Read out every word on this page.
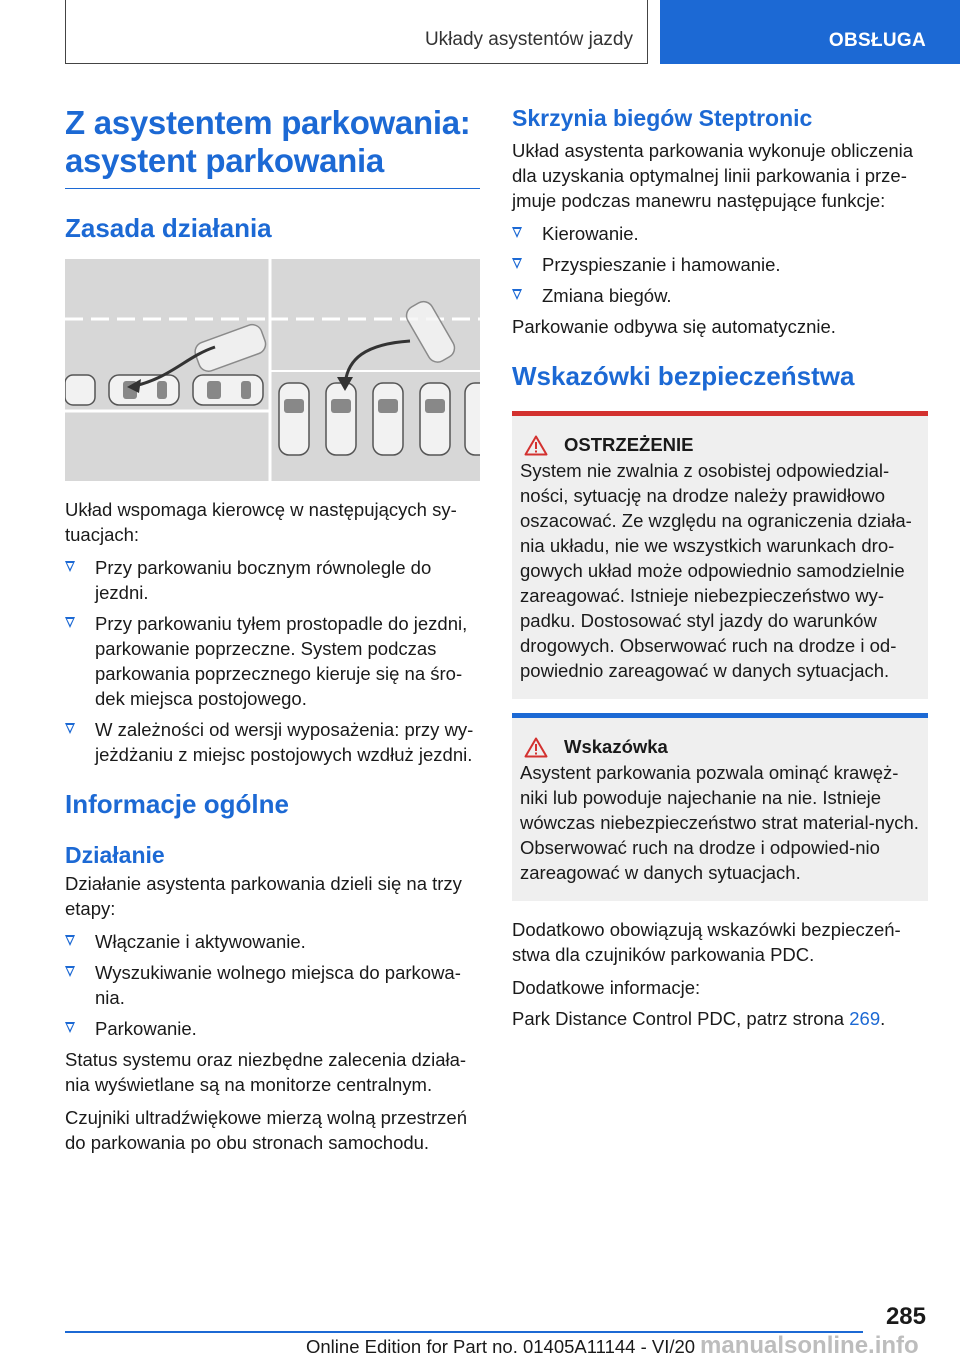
Układy asystentów jazdy	OBSŁUGA
Z asystentem parkowania:
asystent parkowania
Zasada działania

Układ wspomaga kierowcę w następujących sy-tuacjach:

Przy parkowaniu bocznym równolegle do jezdni.
Przy parkowaniu tyłem prostopadle do jezdni, parkowanie poprzeczne. System podczas parkowania poprzecznego kieruje się na śro-dek miejsca postojowego.
W zależności od wersji wyposażenia: przy wy-jeżdżaniu z miejsc postojowych wzdłuż jezdni.
Informacje ogólne
Działanie

Działanie asystenta parkowania dzieli się na trzy etapy:

Włączanie i aktywowanie.
Wyszukiwanie wolnego miejsca do parkowa-nia.
Parkowanie.

Status systemu oraz niezbędne zalecenia działa-nia wyświetlane są na monitorze centralnym.

Czujniki ultradźwiękowe mierzą wolną przestrzeń do parkowania po obu stronach samochodu.

Skrzynia biegów Steptronic

Układ asystenta parkowania wykonuje obliczenia dla uzyskania optymalnej linii parkowania i prze-jmuje podczas manewru następujące funkcje:

Kierowanie.
Przyspieszanie i hamowanie.
Zmiana biegów.

Parkowanie odbywa się automatycznie.

Wskazówki bezpieczeństwa
OSTRZEŻENIE

System nie zwalnia z osobistej odpowiedzial-ności, sytuację na drodze należy prawidłowo oszacować. Ze względu na ograniczenia działa-nia układu, nie we wszystkich warunkach dro-gowych układ może odpowiednio samodzielnie zareagować. Istnieje niebezpieczeństwo wy-padku. Dostosować styl jazdy do warunków drogowych. Obserwować ruch na drodze i od-powiednio zareagować w danych sytuacjach.

Wskazówka

Asystent parkowania pozwala ominąć krawęż-niki lub powoduje najechanie na nie. Istnieje wówczas niebezpieczeństwo strat material-nych. Obserwować ruch na drodze i odpowied-nio zareagować w danych sytuacjach.

Dodatkowo obowiązują wskazówki bezpieczeń-stwa dla czujników parkowania PDC.

Dodatkowe informacje:

Park Distance Control PDC, patrz strona 269.

285
Online Edition for Part no. 01405A11144 - VI/20 manualsonline.info
